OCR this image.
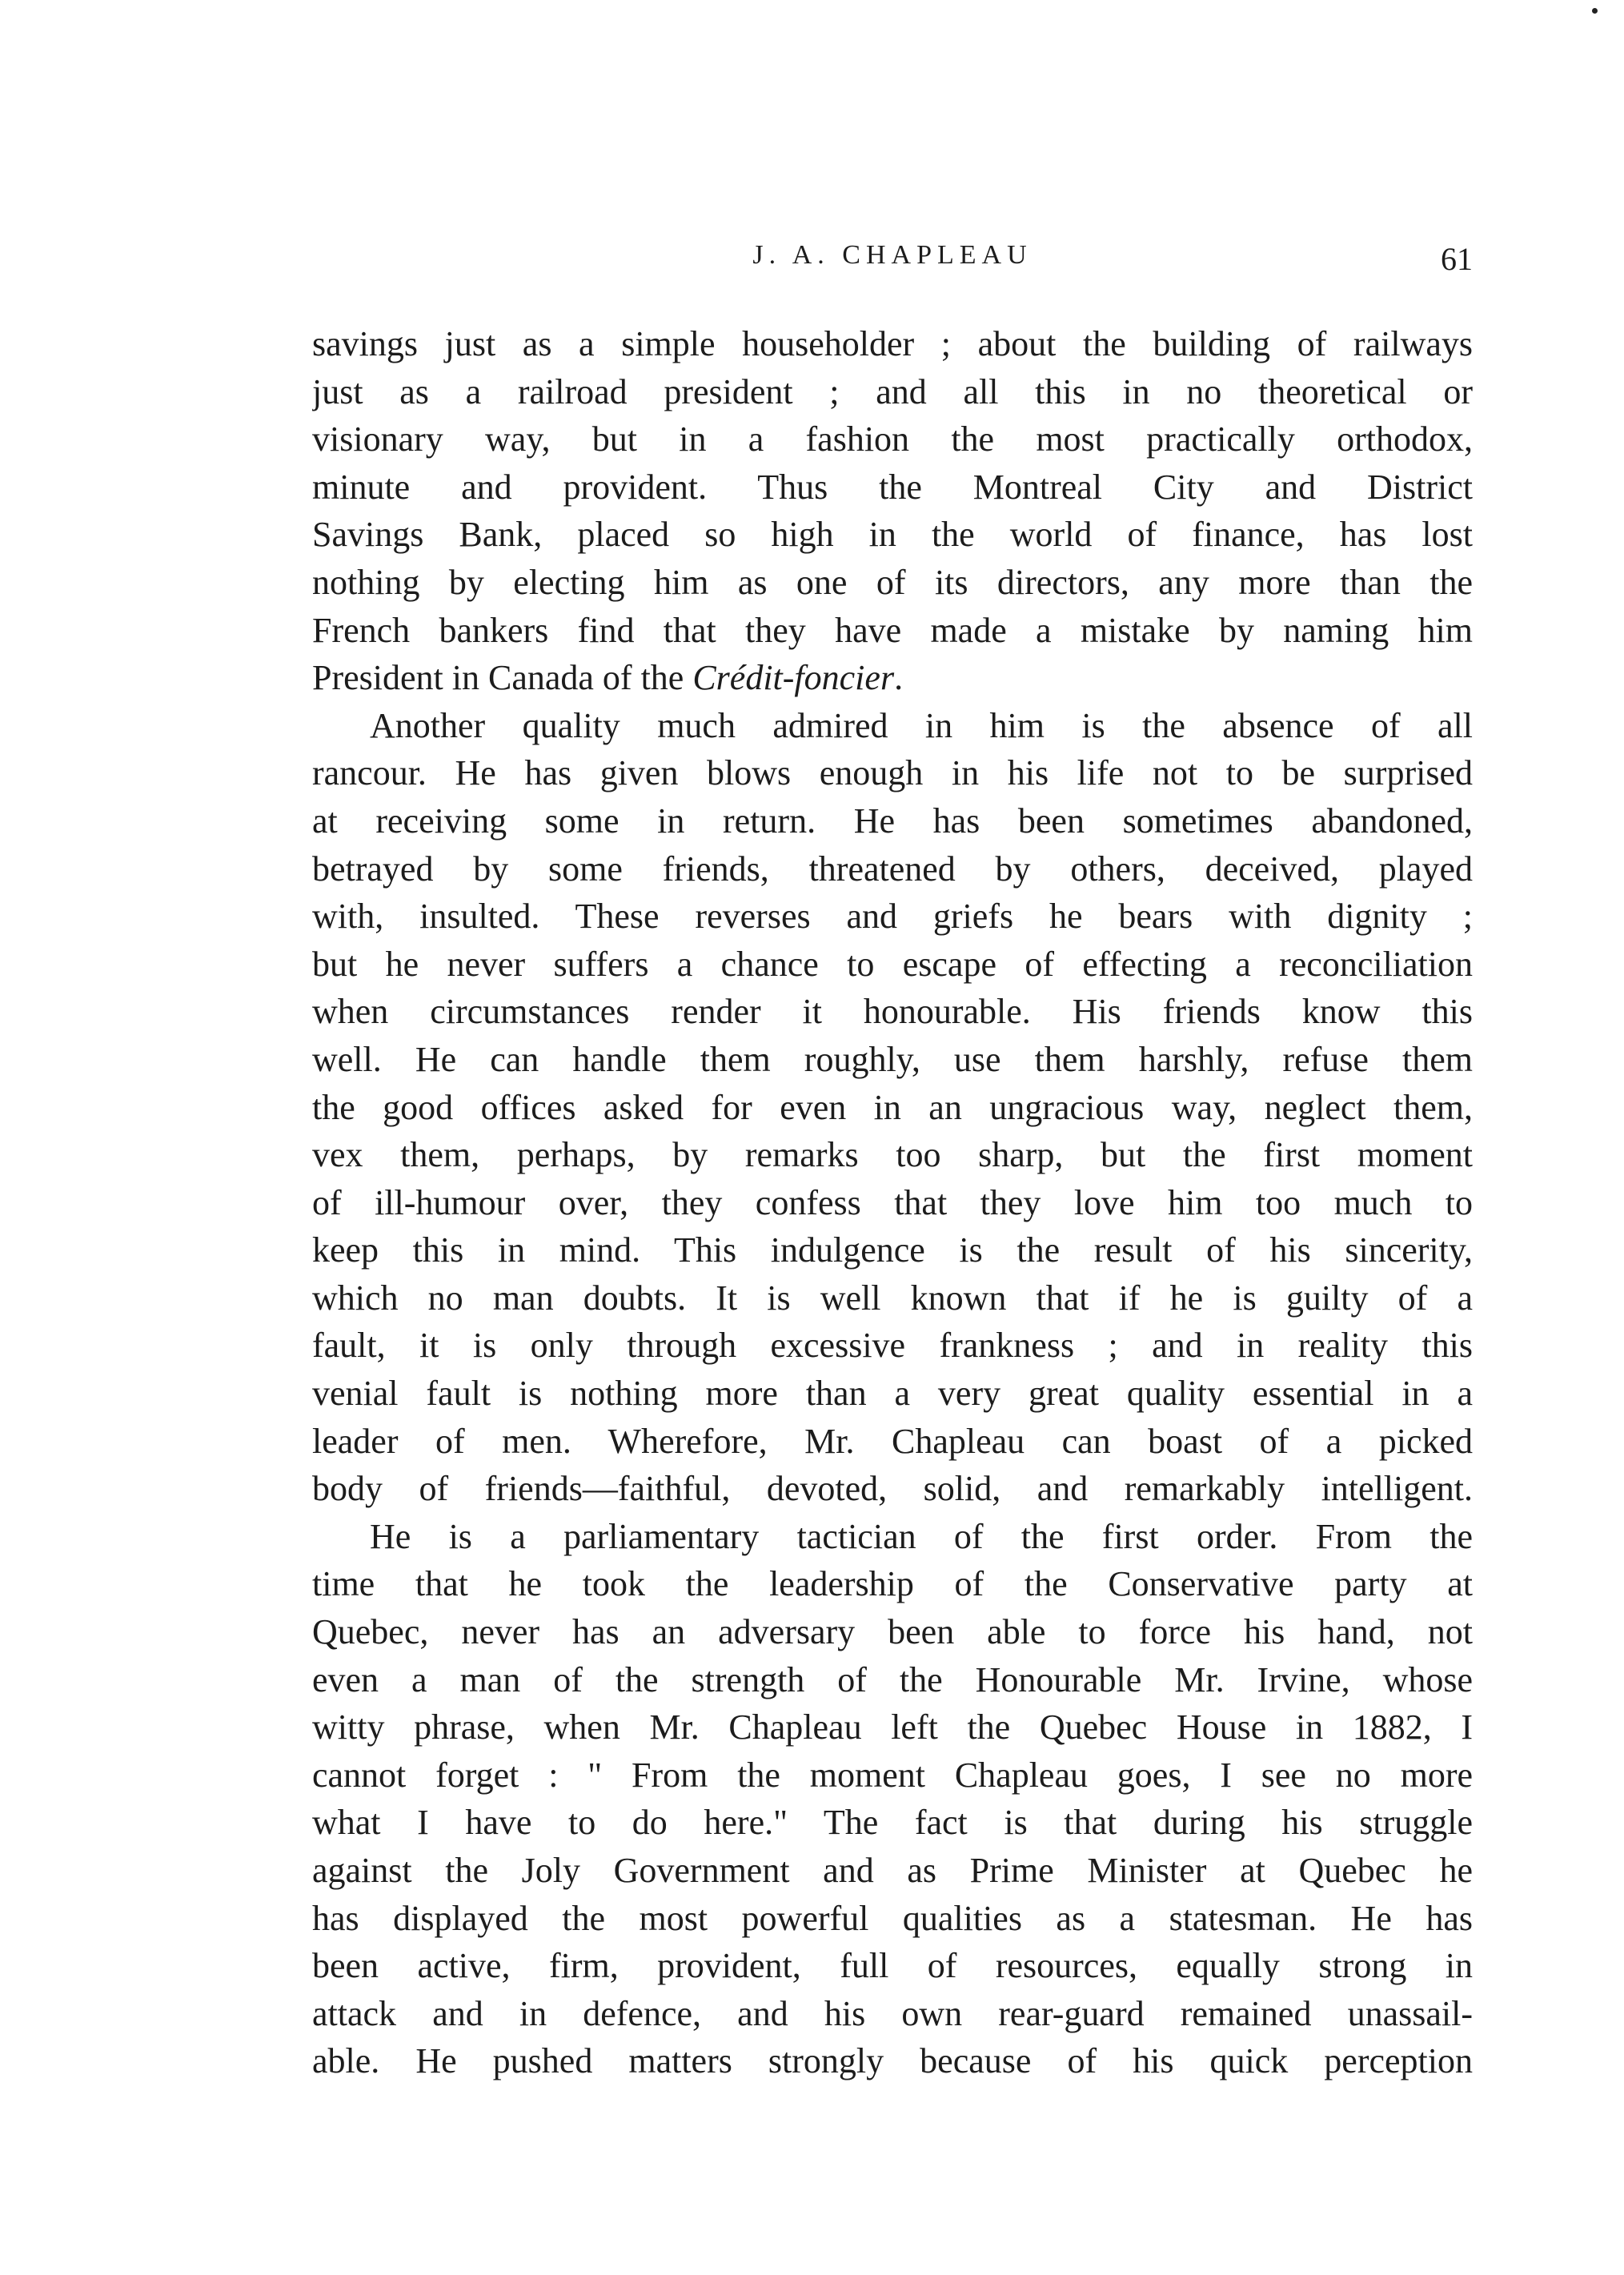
J. A. CHAPLEAU	61
savings just as a simple householder ; about the building of railways
just as a railroad president ; and all this in no theoretical or
visionary way, but in a fashion the most practically orthodox,
minute and provident. Thus the Montreal City and District
Savings Bank, placed so high in the world of finance, has lost
nothing by electing him as one of its directors, any more than the
French bankers find that they have made a mistake by naming him
President in Canada of the Crédit-foncier.
Another quality much admired in him is the absence of all
rancour. He has given blows enough in his life not to be surprised
at receiving some in return. He has been sometimes abandoned,
betrayed by some friends, threatened by others, deceived, played
with, insulted. These reverses and griefs he bears with dignity ;
but he never suffers a chance to escape of effecting a reconciliation
when circumstances render it honourable. His friends know this
well. He can handle them roughly, use them harshly, refuse them
the good offices asked for even in an ungracious way, neglect them,
vex them, perhaps, by remarks too sharp, but the first moment
of ill-humour over, they confess that they love him too much to
keep this in mind. This indulgence is the result of his sincerity,
which no man doubts. It is well known that if he is guilty of a
fault, it is only through excessive frankness ; and in reality this
venial fault is nothing more than a very great quality essential in a
leader of men. Wherefore, Mr. Chapleau can boast of a picked
body of friends—faithful, devoted, solid, and remarkably intelligent.
He is a parliamentary tactician of the first order. From the
time that he took the leadership of the Conservative party at
Quebec, never has an adversary been able to force his hand, not
even a man of the strength of the Honourable Mr. Irvine, whose
witty phrase, when Mr. Chapleau left the Quebec House in 1882, I
cannot forget : " From the moment Chapleau goes, I see no more
what I have to do here." The fact is that during his struggle
against the Joly Government and as Prime Minister at Quebec he
has displayed the most powerful qualities as a statesman. He has
been active, firm, provident, full of resources, equally strong in
attack and in defence, and his own rear-guard remained unassail-
able. He pushed matters strongly because of his quick perception
